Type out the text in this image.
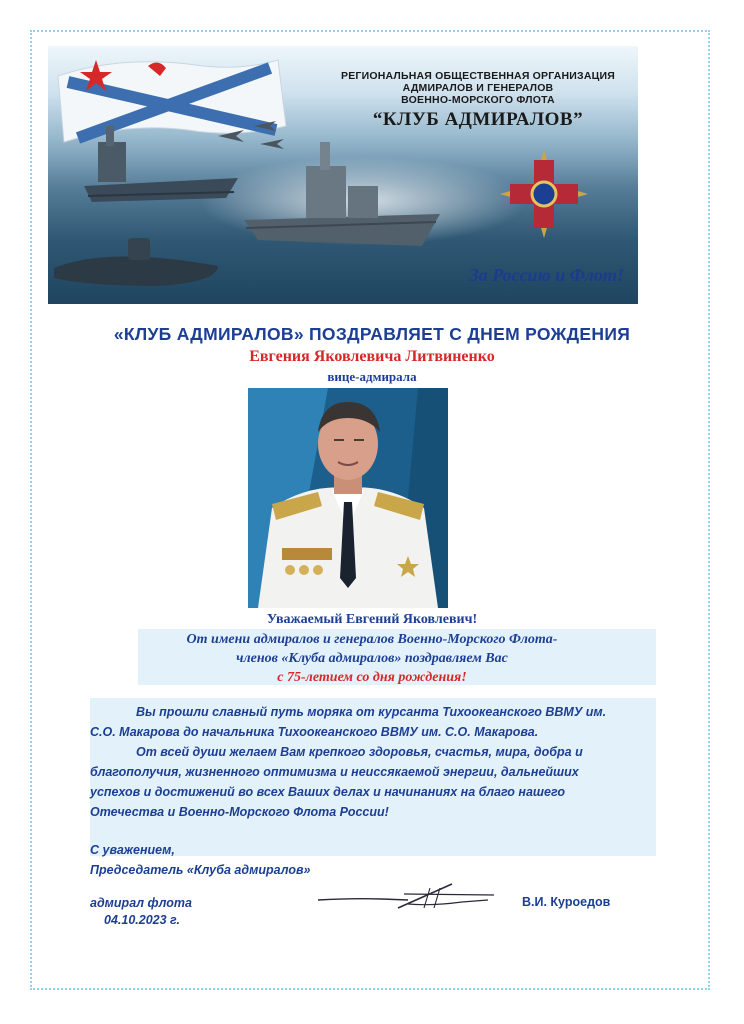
РЕГИОНАЛЬНАЯ ОБЩЕСТВЕННАЯ ОРГАНИЗАЦИЯ
АДМИРАЛОВ И ГЕНЕРАЛОВ
ВОЕННО-МОРСКОГО ФЛОТА
“КЛУБ АДМИРАЛОВ”
За Россию и Флот!
«КЛУБ АДМИРАЛОВ» ПОЗДРАВЛЯЕТ С ДНЕМ РОЖДЕНИЯ
Евгения Яковлевича Литвиненко
вице-адмирала
Уважаемый Евгений Яковлевич!
От имени адмиралов и генералов Военно-Морского Флота-
членов «Клуба адмиралов» поздравляем Вас
с 75-летием со дня рождения!

Вы прошли славный путь моряка от курсанта Тихоокеанского ВВМУ им.

С.О. Макарова до начальника Тихоокеанского ВВМУ им. С.О. Макарова.

От всей души желаем Вам крепкого здоровья, счастья, мира, добра и

благополучия, жизненного оптимизма и неиссякаемой энергии, дальнейших

успехов и достижений во всех Ваших делах и начинаниях на благо нашего

Отечества и Военно-Морского Флота России!

С уважением,
Председатель «Клуба адмиралов»
адмирал флота
04.10.2023 г.
В.И. Куроедов
